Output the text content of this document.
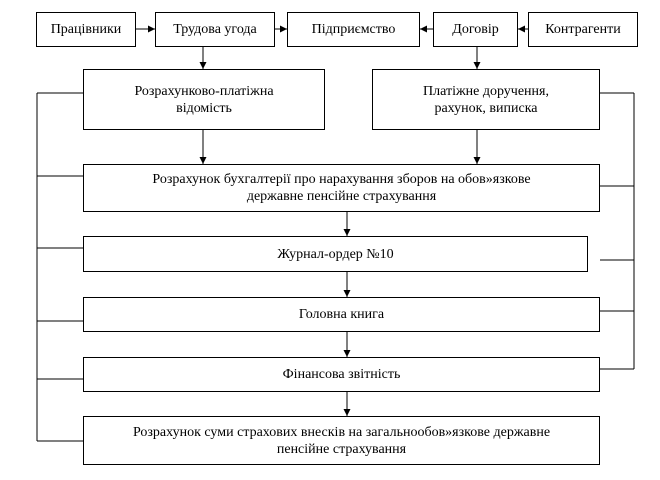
Працівники	Трудова угода	Підприємство	Договір	Контрагенти
Розрахунково-платіжна
відомість
Платіжне доручення,
рахунок, виписка
Розрахунок бухгалтерії про нарахування зборов на обов»язкове
державне пенсійне страхування
Журнал-ордер №10
Головна книга
Фінансова звітність
Розрахунок суми страхових внесків на загальнообов»язкове державне
пенсійне страхування
